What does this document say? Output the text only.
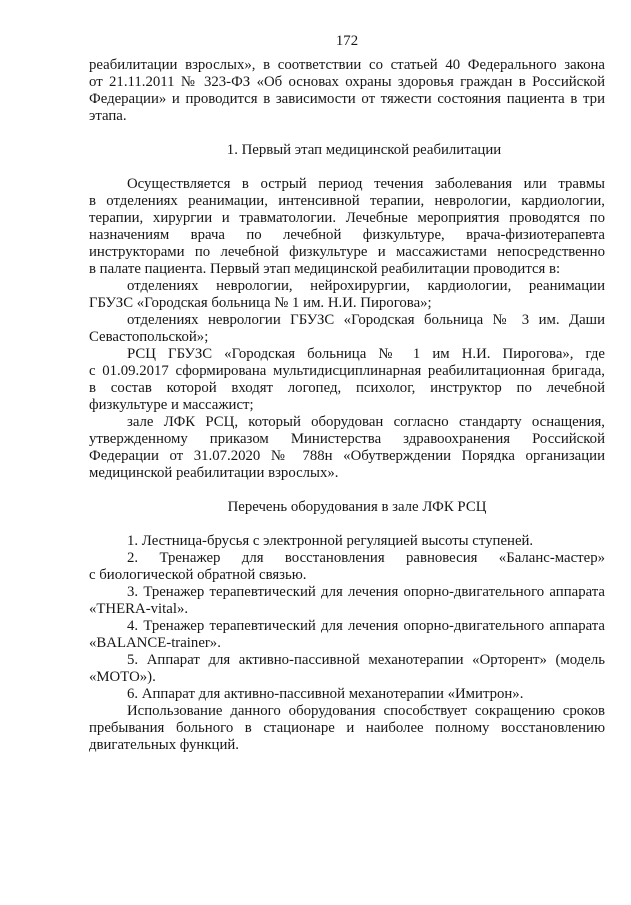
172
реабилитации взрослых», в соответствии со статьей 40 Федерального закона
от 21.11.2011 № 323-ФЗ «Об основах охраны здоровья граждан в Российской
Федерации» и проводится в зависимости от тяжести состояния пациента в три
этапа.
1. Первый этап медицинской реабилитации
Осуществляется в острый период течения заболевания или травмы
в отделениях реанимации, интенсивной терапии, неврологии, кардиологии,
терапии, хирургии и травматологии. Лечебные мероприятия проводятся по
назначениям врача по лечебной физкультуре, врача-физиотерапевта
инструкторами по лечебной физкультуре и массажистами непосредственно
в палате пациента. Первый этап медицинской реабилитации проводится в:
отделениях неврологии, нейрохирургии, кардиологии, реанимации
ГБУЗС «Городская больница № 1 им. Н.И. Пирогова»;
отделениях неврологии ГБУЗС «Городская больница № 3 им. Даши
Севастопольской»;
РСЦ ГБУЗС «Городская больница № 1 им Н.И. Пирогова», где
с 01.09.2017 сформирована мультидисциплинарная реабилитационная бригада,
в состав которой входят логопед, психолог, инструктор по лечебной
физкультуре и массажист;
зале ЛФК РСЦ, который оборудован согласно стандарту оснащения,
утвержденному приказом Министерства здравоохранения Российской
Федерации от 31.07.2020 № 788н «Обутверждении Порядка организации
медицинской реабилитации взрослых».
Перечень оборудования в зале ЛФК РСЦ
1. Лестница-брусья с электронной регуляцией высоты ступеней.
2. Тренажер для восстановления равновесия «Баланс-мастер»
с биологической обратной связью.
3. Тренажер терапевтический для лечения опорно-двигательного аппарата
«THERA-vital».
4. Тренажер терапевтический для лечения опорно-двигательного аппарата
«BALANCE-trainer».
5. Аппарат для активно-пассивной механотерапии «Орторент» (модель
«МОТО»).
6. Аппарат для активно-пассивной механотерапии «Имитрон».
Использование данного оборудования способствует сокращению сроков
пребывания больного в стационаре и наиболее полному восстановлению
двигательных функций.
